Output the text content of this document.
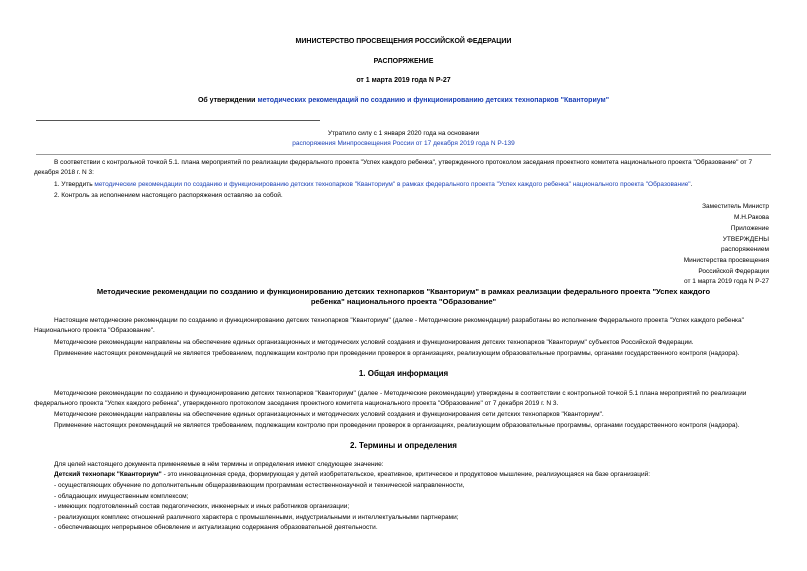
МИНИСТЕРСТВО ПРОСВЕЩЕНИЯ РОССИЙСКОЙ ФЕДЕРАЦИИ
РАСПОРЯЖЕНИЕ
от 1 марта 2019 года N Р-27
Об утверждении методических рекомендаций по созданию и функционированию детских технопарков "Кванториум"
Утратило силу с 1 января 2020 года на основании
распоряжения Минпросвещения России от 17 декабря 2019 года N Р-139
В соответствии с контрольной точкой 5.1. плана мероприятий по реализации федерального проекта "Успех каждого ребенка", утвержденного протоколом заседания проектного комитета национального проекта "Образование" от 7 декабря 2018 г. N 3:
1. Утвердить методические рекомендации по созданию и функционированию детских технопарков "Кванториум" в рамках федерального проекта "Успех каждого ребенка" национального проекта "Образование".
2. Контроль за исполнением настоящего распоряжения оставляю за собой.
Заместитель Министр
М.Н.Ракова
Приложение
УТВЕРЖДЕНЫ
распоряжением
Министерства просвещения
Российской Федерации
от 1 марта 2019 года N Р-27
Методические рекомендации по созданию и функционированию детских технопарков "Кванториум" в рамках реализации федерального проекта "Успех каждого
ребенка" национального проекта "Образование"
Настоящие методические рекомендации по созданию и функционированию детских технопарков "Кванториум" (далее - Методические рекомендации) разработаны во исполнение Федерального проекта "Успех каждого ребенка" Национального проекта "Образование".
Методические рекомендации направлены на обеспечение единых организационных и методических условий создания и функционирования детских технопарков "Кванториум" субъектов Российской Федерации.
Применение настоящих рекомендаций не является требованием, подлежащим контролю при проведении проверок в организациях, реализующим образовательные программы, органами государственного контроля (надзора).
1. Общая информация
Методические рекомендации по созданию и функционированию детских технопарков "Кванториум" (далее - Методические рекомендации) утверждены в соответствии с контрольной точкой 5.1 плана мероприятий по реализации федерального проекта "Успех каждого ребенка", утвержденного протоколом заседания проектного комитета национального проекта "Образование" от 7 декабря 2019 г. N 3.
Методические рекомендации направлены на обеспечение единых организационных и методических условий создания и функционирования сети детских технопарков "Кванториум".
Применение настоящих рекомендаций не является требованием, подлежащим контролю при проведении проверок в организациях, реализующим образовательные программы, органами государственного контроля (надзора).
2. Термины и определения
Для целей настоящего документа применяемые в нём термины и определения имеют следующее значение:
Детский технопарк "Кванториум" - это инновационная среда, формирующая у детей изобретательское, креативное, критическое и продуктовое мышление, реализующаяся на базе организаций:
- осуществляющих обучение по дополнительным общеразвивающим программам естественнонаучной и технической направленности,
- обладающих имущественным комплексом;
- имеющих подготовленный состав педагогических, инженерных и иных работников организации;
- реализующих комплекс отношений различного характера с промышленными, индустриальными и интеллектуальными партнерами;
- обеспечивающих непрерывное обновление и актуализацию содержания образовательной деятельности.
